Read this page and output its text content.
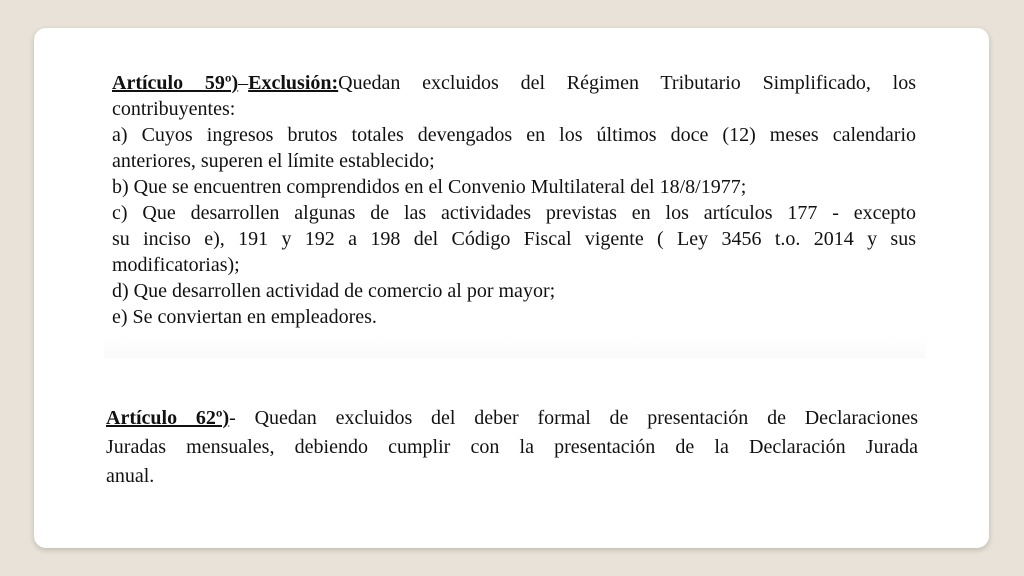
Artículo 59º)–Exclusión:Quedan excluidos del Régimen Tributario Simplificado, los
contribuyentes:
a) Cuyos ingresos brutos totales devengados en los últimos doce (12) meses calendario
anteriores, superen el límite establecido;
b) Que se encuentren comprendidos en el Convenio Multilateral del 18/8/1977;
c) Que desarrollen algunas de las actividades previstas en los artículos 177 - excepto
su inciso e), 191 y 192 a 198 del Código Fiscal vigente ( Ley 3456 t.o. 2014 y sus
modificatorias);
d) Que desarrollen actividad de comercio al por mayor;
e) Se conviertan en empleadores.
Artículo 62º)- Quedan excluidos del deber formal de presentación de Declaraciones
Juradas mensuales, debiendo cumplir con la presentación de la Declaración Jurada
anual.
